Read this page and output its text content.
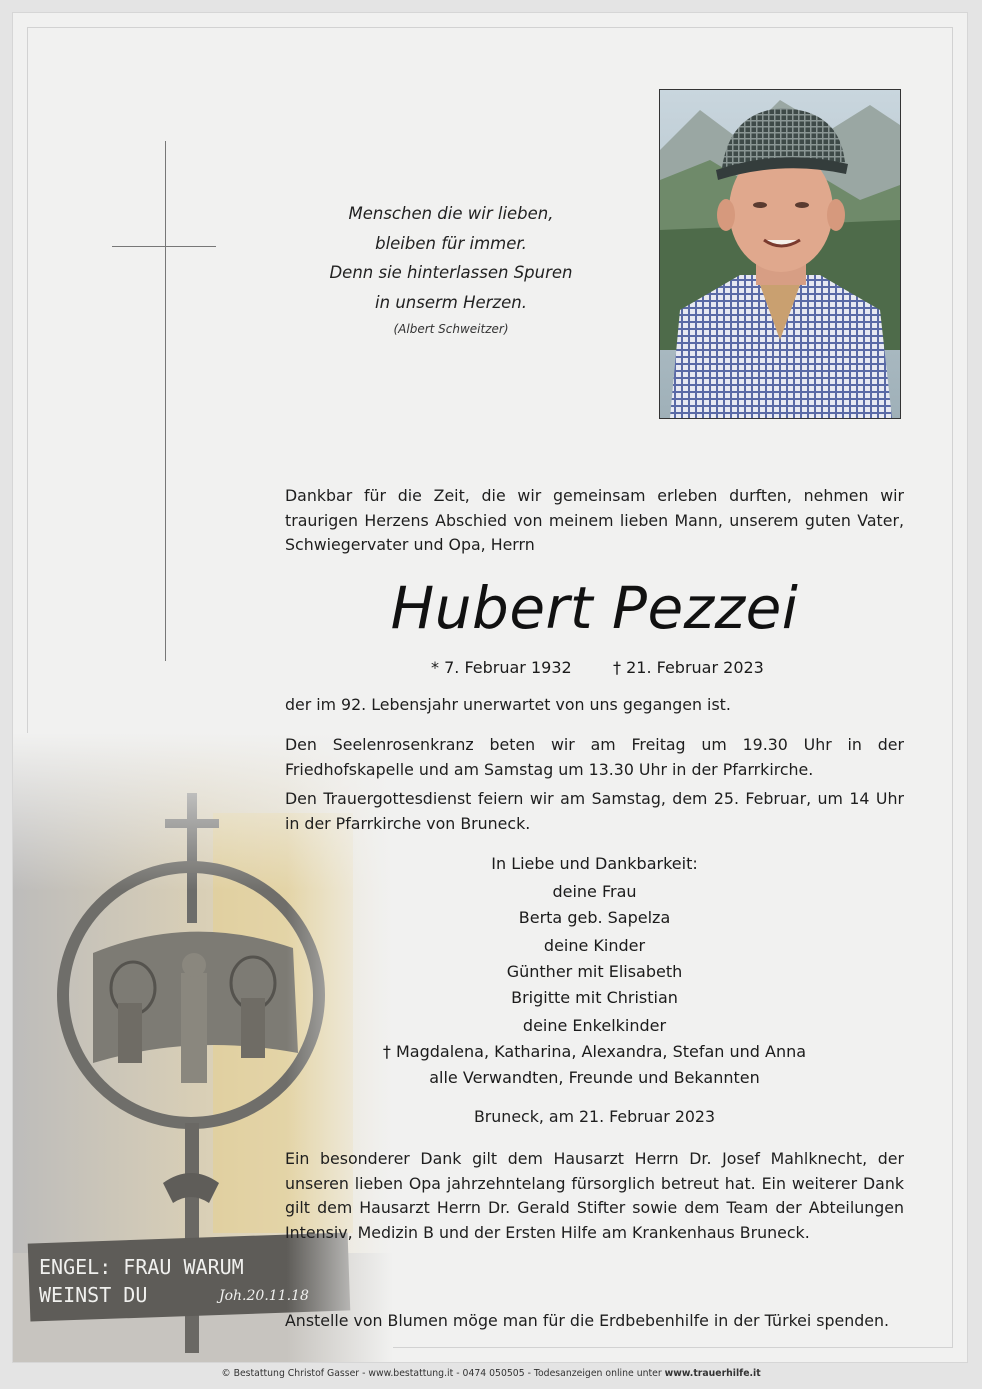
Menschen die wir lieben,
bleiben für immer.
Denn sie hinterlassen Spuren
in unserm Herzen.
(Albert Schweitzer)
Dankbar für die Zeit, die wir gemeinsam erleben durften, nehmen wir traurigen Herzens Abschied von meinem lieben Mann, unserem guten Vater, Schwiegervater und Opa, Herrn
Hubert Pezzei
* 7. Februar 1932	† 21. Februar 2023
der im 92. Lebensjahr unerwartet von uns gegangen ist.
Den Seelenrosenkranz beten wir am Freitag um 19.30 Uhr in der Friedhofskapelle und am Samstag um 13.30 Uhr in der Pfarrkirche.
Den Trauergottesdienst feiern wir am Samstag, dem 25. Februar, um 14 Uhr in der Pfarrkirche von Bruneck.
In Liebe und Dankbarkeit:
deine Frau
Berta geb. Sapelza
deine Kinder
Günther mit Elisabeth
Brigitte mit Christian
deine Enkelkinder
† Magdalena, Katharina, Alexandra, Stefan und Anna
alle Verwandten, Freunde und Bekannten
Bruneck, am 21. Februar 2023
Ein besonderer Dank gilt dem Hausarzt Herrn Dr. Josef Mahlknecht, der unseren lieben Opa jahrzehntelang fürsorglich betreut hat. Ein weiterer Dank gilt dem Hausarzt Herrn Dr. Gerald Stifter sowie dem Team der Abteilungen Intensiv, Medizin B und der Ersten Hilfe am Krankenhaus Bruneck.
Anstelle von Blumen möge man für die Erdbebenhilfe in der Türkei spenden.
© Bestattung Christof Gasser - www.bestattung.it - 0474 050505 - Todesanzeigen online unter www.trauerhilfe.it
